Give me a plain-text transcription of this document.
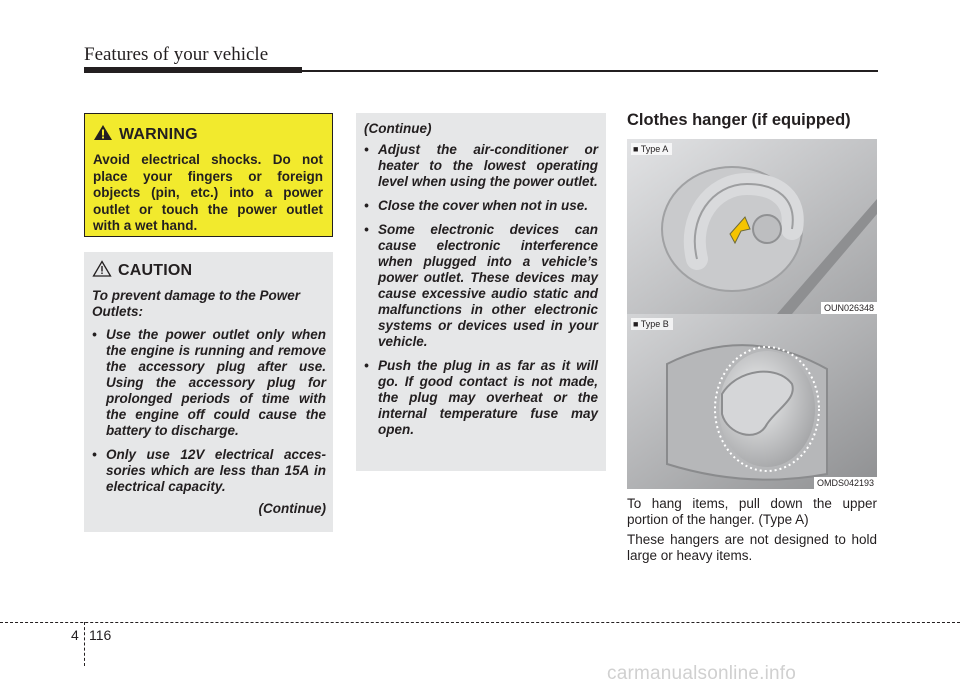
Features of your vehicle
WARNING
Avoid electrical shocks. Do not place your fingers or foreign objects (pin, etc.) into a power outlet or touch the power outlet with a wet hand.
CAUTION

To prevent damage to the Power Outlets:

• Use the power outlet only when the engine is running and remove the accessory plug after use. Using the accessory plug for prolonged periods of time with the engine off could cause the battery to discharge.
• Only use 12V electrical acces- sories which are less than 15A in electrical capacity.
(Continue)
(Continue)
• Adjust the air-conditioner or heater to the lowest operating level when using the power outlet.
• Close the cover when not in use.
• Some electronic devices can cause electronic interference when plugged into a vehicle’s power outlet. These devices may cause excessive audio static and malfunctions in other electronic systems or devices used in your vehicle.
• Push the plug in as far as it will go. If good contact is not made, the plug may overheat or the internal temperature fuse may open.
Clothes hanger (if equipped)
■ Type A
OUN026348
■ Type B
OMDS042193

To hang items, pull down the upper portion of the hanger. (Type A)

These hangers are not designed to hold large or heavy items.

4 116
carmanualsonline.info
